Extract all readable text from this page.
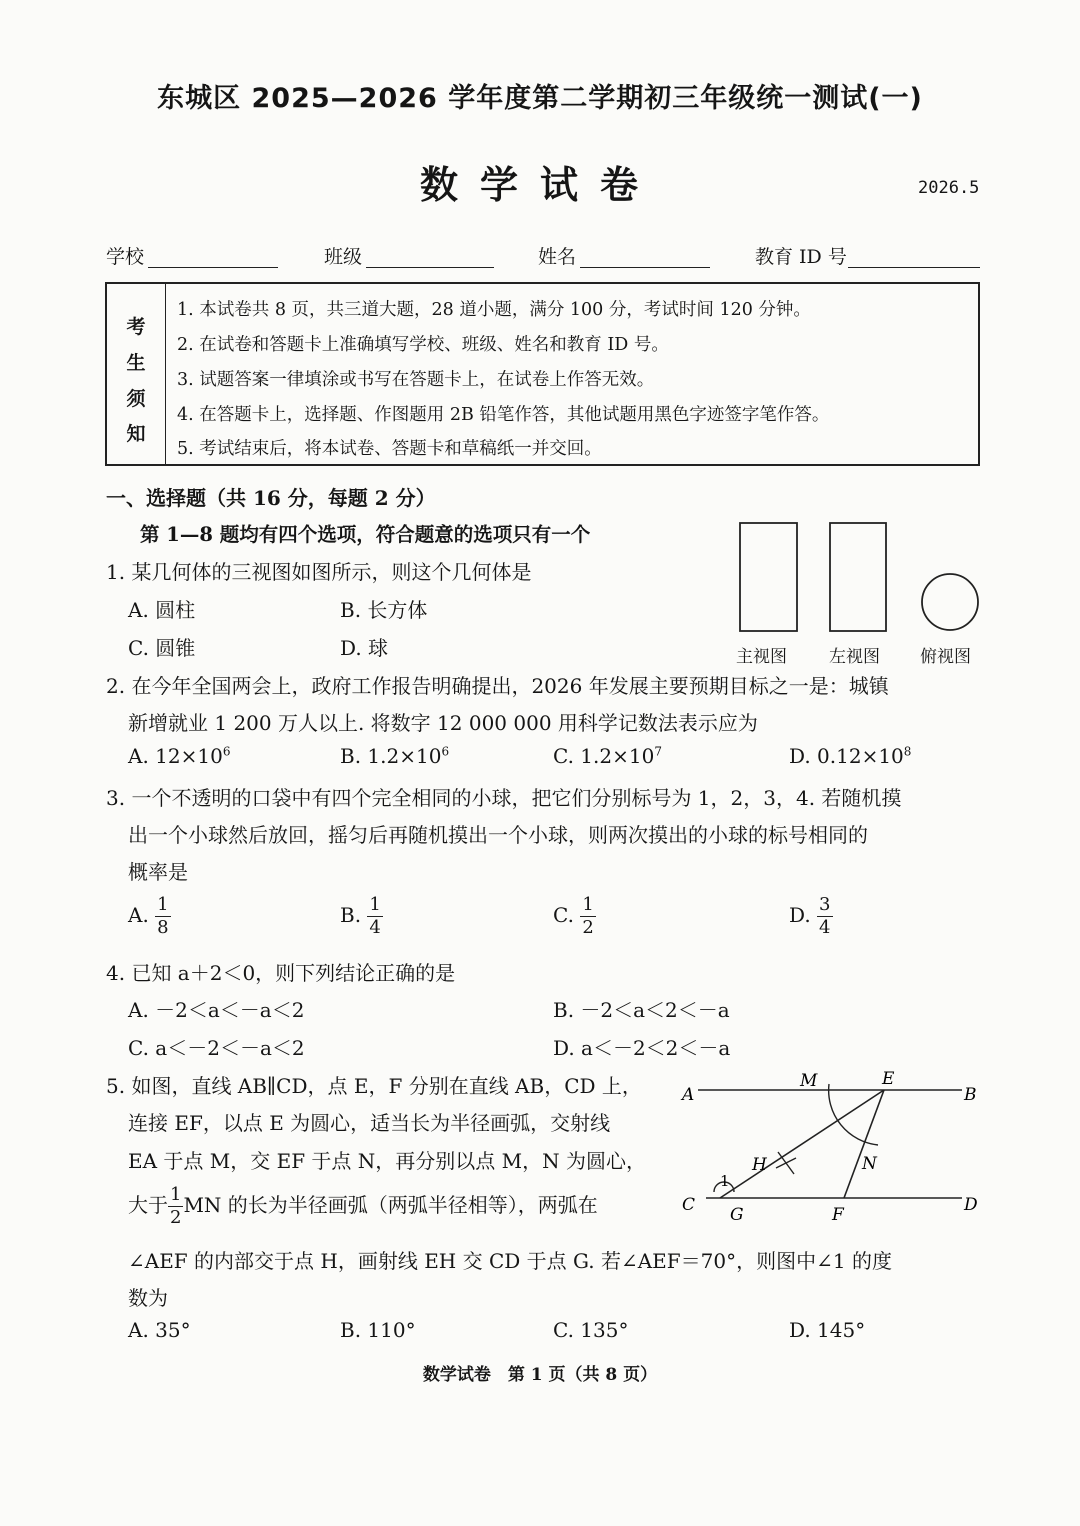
东城区 2025—2026 学年度第二学期初三年级统一测试(一)
数学试卷	2026.5
学校	班级	姓名	教育 ID 号
考
生
须
知
1. 本试卷共 8 页，共三道大题，28 道小题，满分 100 分，考试时间 120 分钟。
2. 在试卷和答题卡上准确填写学校、班级、姓名和教育 ID 号。
3. 试题答案一律填涂或书写在答题卡上，在试卷上作答无效。
4. 在答题卡上，选择题、作图题用 2B 铅笔作答，其他试题用黑色字迹签字笔作答。
5. 考试结束后，将本试卷、答题卡和草稿纸一并交回。
一、选择题（共 16 分，每题 2 分）
第 1—8 题均有四个选项，符合题意的选项只有一个
1. 某几何体的三视图如图所示，则这个几何体是
A. 圆柱	B. 长方体
C. 圆锥	D. 球	主视图 左视图 俯视图
2. 在今年全国两会上，政府工作报告明确提出，2026 年发展主要预期目标之一是：城镇
新增就业 1 200 万人以上. 将数字 12 000 000 用科学记数法表示应为
A. $12\times 10^6$	B. $1.2\times 10^6$	C. $1.2\times 10^7$	D. $0.12\times 10^8$
3. 一个不透明的口袋中有四个完全相同的小球，把它们分别标号为 1，2，3，4. 若随机摸
出一个小球然后放回，摇匀后再随机摸出一个小球，则两次摸出的小球的标号相同的
概率是
A. $\frac{1}{8}$	B. $\frac{1}{4}$	C. $\frac{1}{2}$	D. $\frac{3}{4}$
4. 已知 a＋2＜0，则下列结论正确的是
A. －2＜a＜－a＜2	B. －2＜a＜2＜－a
C. a＜－2＜－a＜2	D. a＜－2＜2＜－a
5. 如图，直线 AB∥CD，点 E，F 分别在直线 AB，CD 上，
连接 EF，以点 E 为圆心，适当长为半径画弧，交射线
EA 于点 M，交 EF 于点 N，再分别以点 M，N 为圆心，
大于 $\frac{1}{2}$ MN 的长为半径画弧（两弧半径相等），两弧在
∠AEF 的内部交于点 H，画射线 EH 交 CD 于点 G. 若∠AEF＝70°，则图中∠1 的度
数为
A. 35°	B. 110°	C. 135°	D. 145°
A
M	E
B
H	N
1
C G	F	D
数学试卷　第 1 页（共 8 页）
